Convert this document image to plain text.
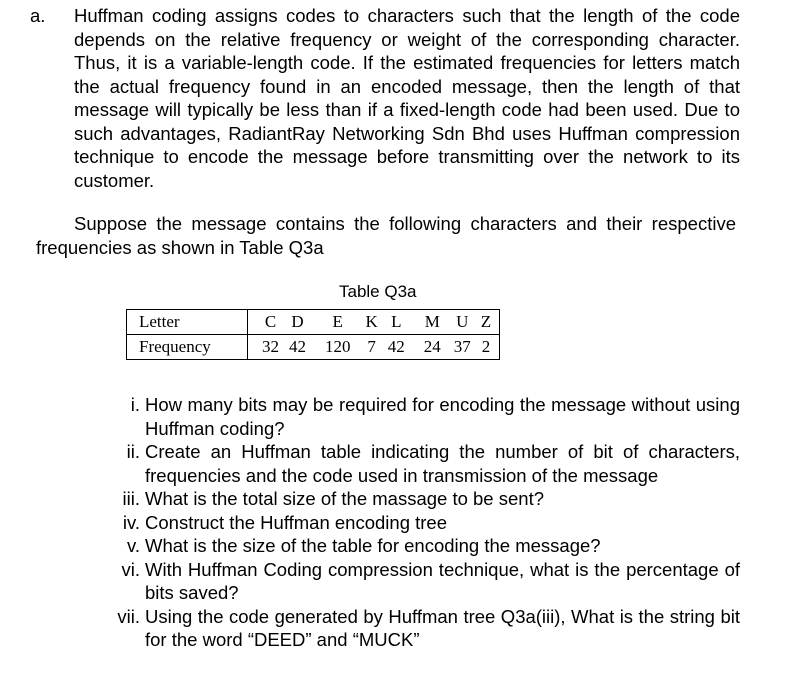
a. Huffman coding assigns codes to characters such that the length of the code depends on the relative frequency or weight of the corresponding character. Thus, it is a variable-length code. If the estimated frequencies for letters match the actual frequency found in an encoded message, then the length of that message will typically be less than if a fixed-length code had been used. Due to such advantages, RadiantRay Networking Sdn Bhd uses Huffman compression technique to encode the message before transmitting over the network to its customer.
Suppose the message contains the following characters and their respective frequencies as shown in Table Q3a
Table Q3a
Letter	C	D	E	K	L	M	U	Z
Frequency	32	42	120	7	42	24	37	2
i. How many bits may be required for encoding the message without using Huffman coding?
ii. Create an Huffman table indicating the number of bit of characters, frequencies and the code used in transmission of the message
iii. What is the total size of the massage to be sent?
iv. Construct the Huffman encoding tree
v. What is the size of the table for encoding the message?
vi. With Huffman Coding compression technique, what is the percentage of bits saved?
vii. Using the code generated by Huffman tree Q3a(iii), What is the string bit for the word “DEED” and “MUCK”
